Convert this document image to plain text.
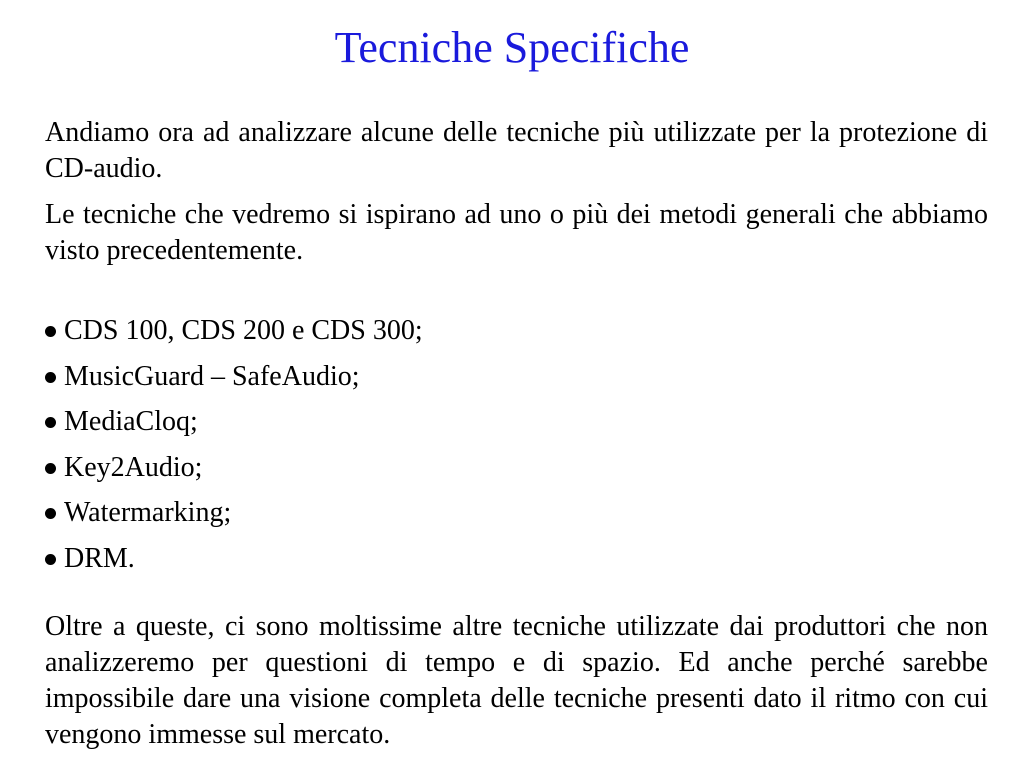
Tecniche Specifiche

Andiamo ora ad analizzare alcune delle tecniche più utilizzate per la protezione di CD-audio.

Le tecniche che vedremo si ispirano ad uno o più dei metodi generali che abbiamo visto precedentemente.

CDS 100, CDS 200 e CDS 300;
MusicGuard – SafeAudio;
MediaCloq;
Key2Audio;
Watermarking;
DRM.

Oltre a queste, ci sono moltissime altre tecniche utilizzate dai produttori che non analizzeremo per questioni di tempo e di spazio. Ed anche perché sarebbe impossibile dare una visione completa delle tecniche presenti dato il ritmo con cui vengono immesse sul mercato.
